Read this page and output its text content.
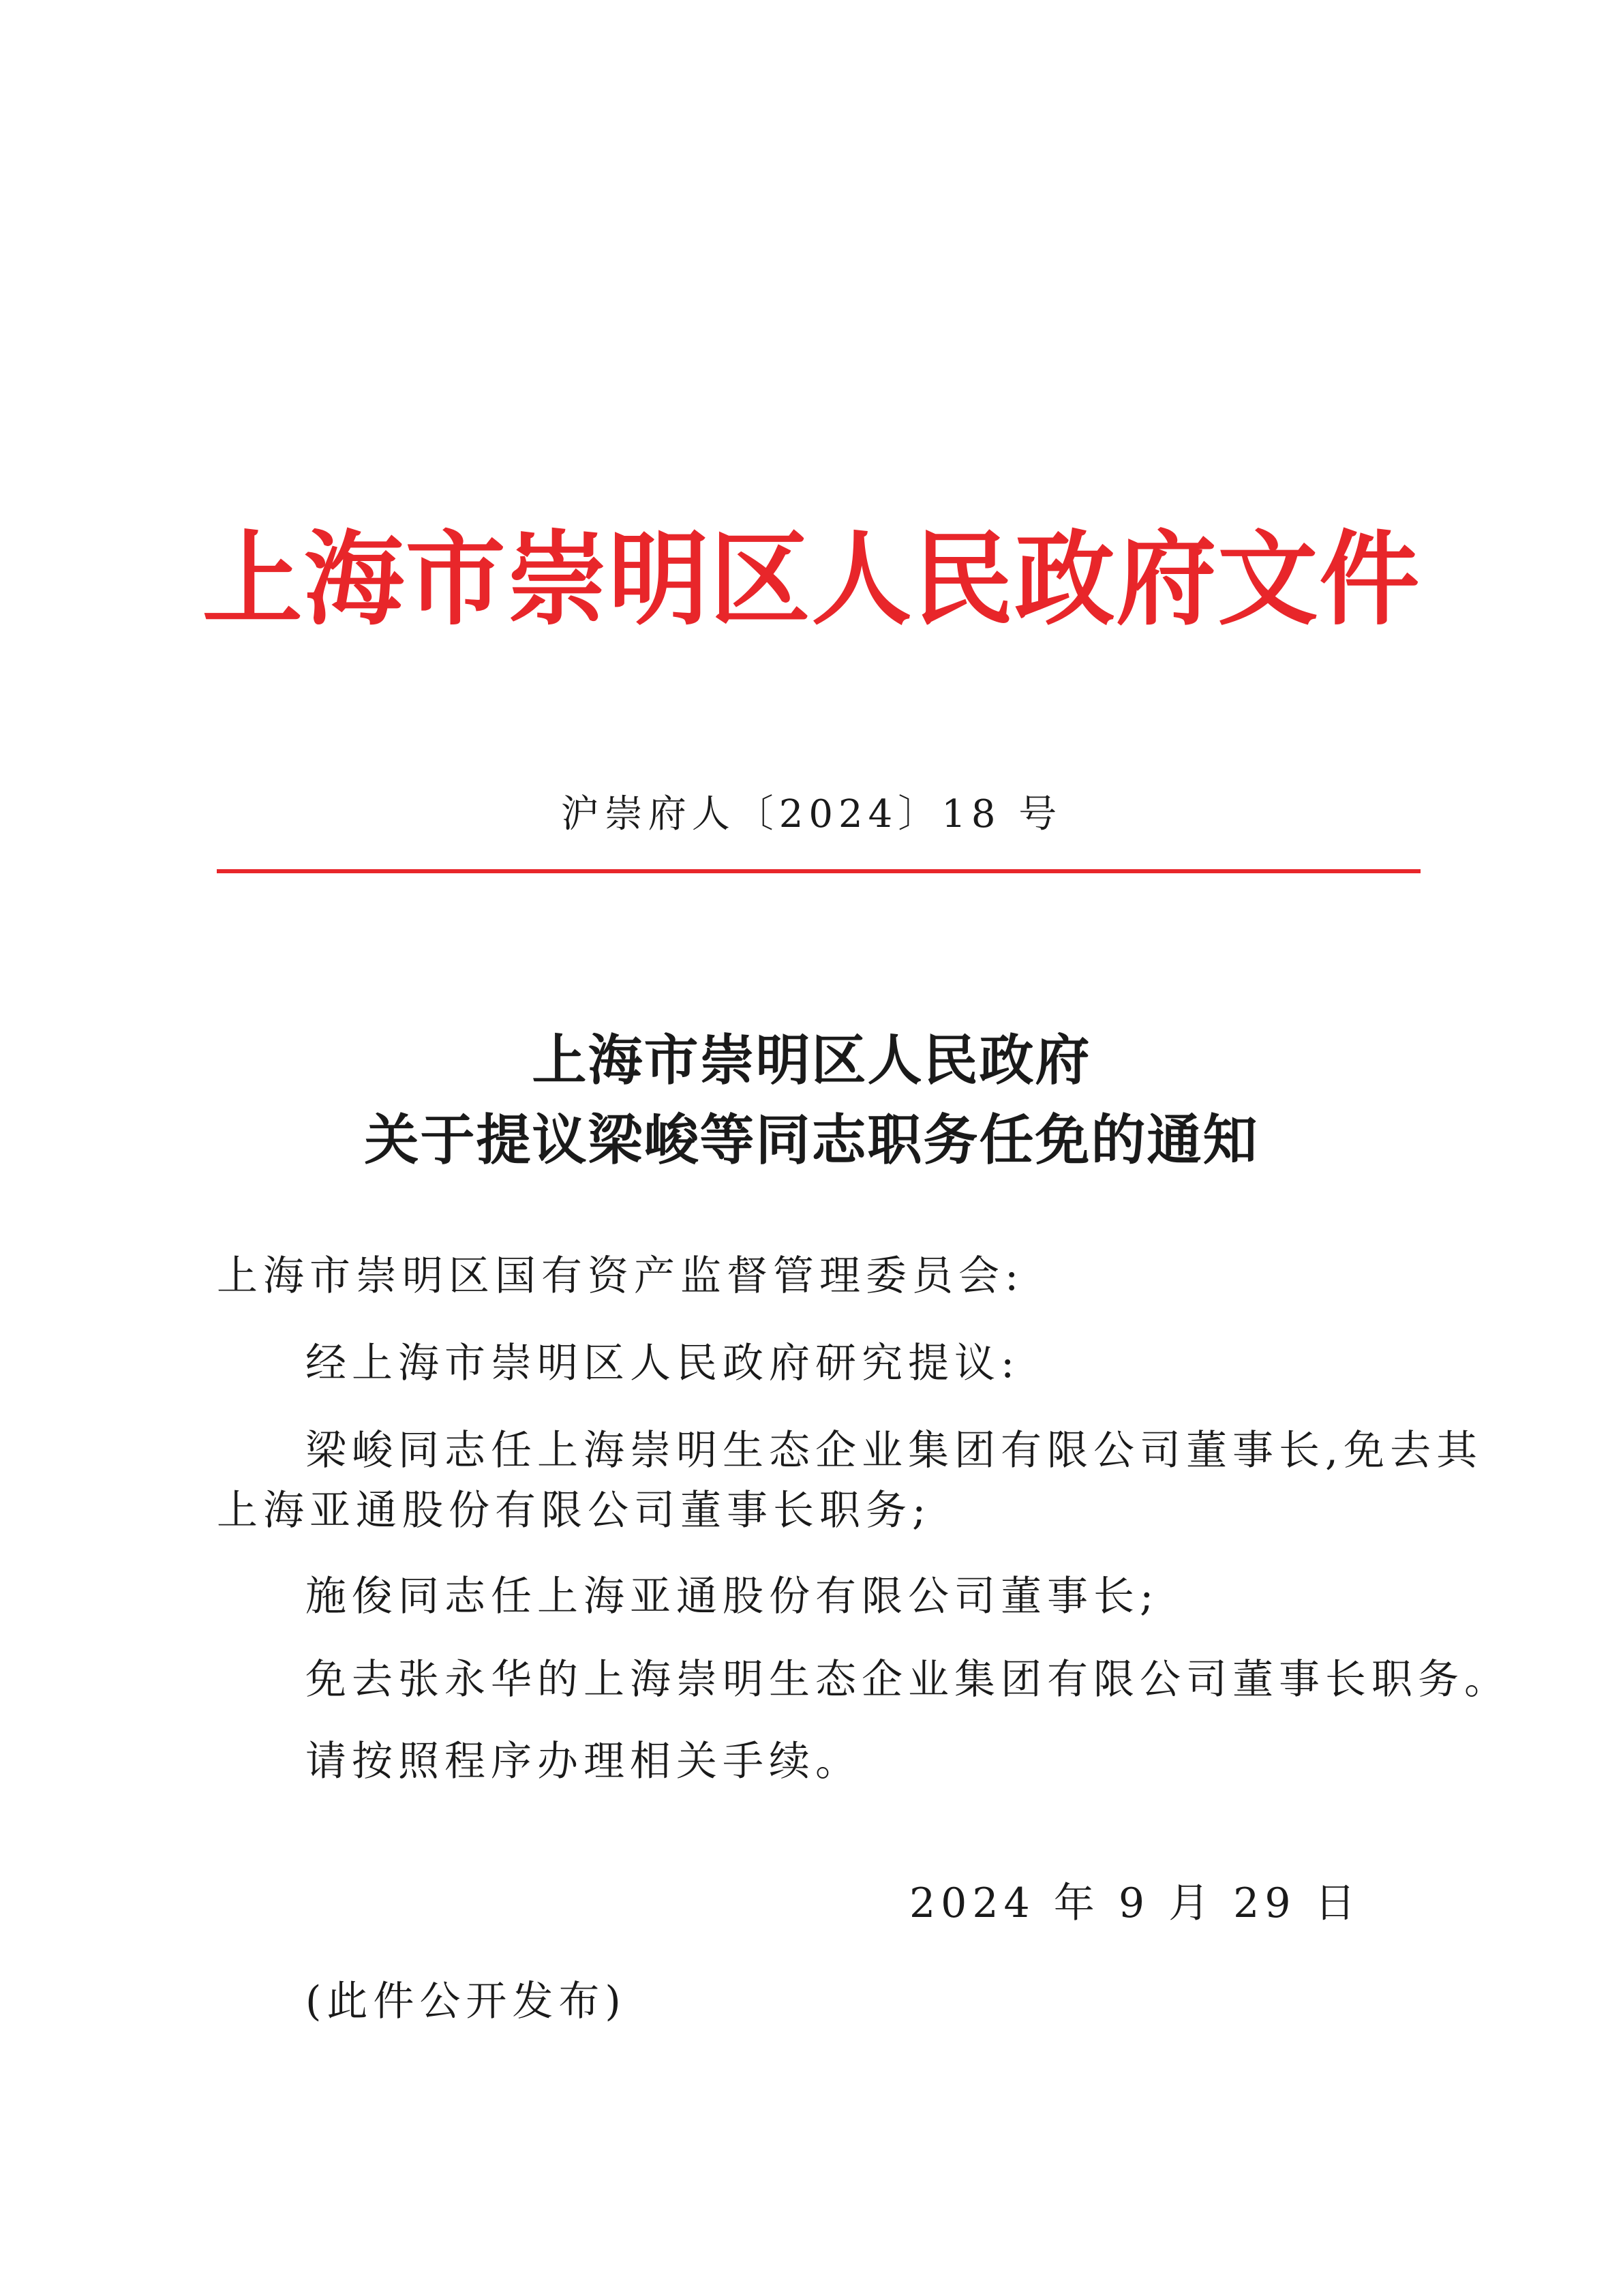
上海市崇明区人民政府文件
沪崇府人〔2024〕18 号
上海市崇明区人民政府
关于提议梁峻等同志职务任免的通知
上海市崇明区国有资产监督管理委员会:
经上海市崇明区人民政府研究提议:
梁峻同志任上海崇明生态企业集团有限公司董事长,免去其
上海亚通股份有限公司董事长职务;
施俊同志任上海亚通股份有限公司董事长;
免去张永华的上海崇明生态企业集团有限公司董事长职务。
请按照程序办理相关手续。
2024 年 9 月 29 日
(此件公开发布)
